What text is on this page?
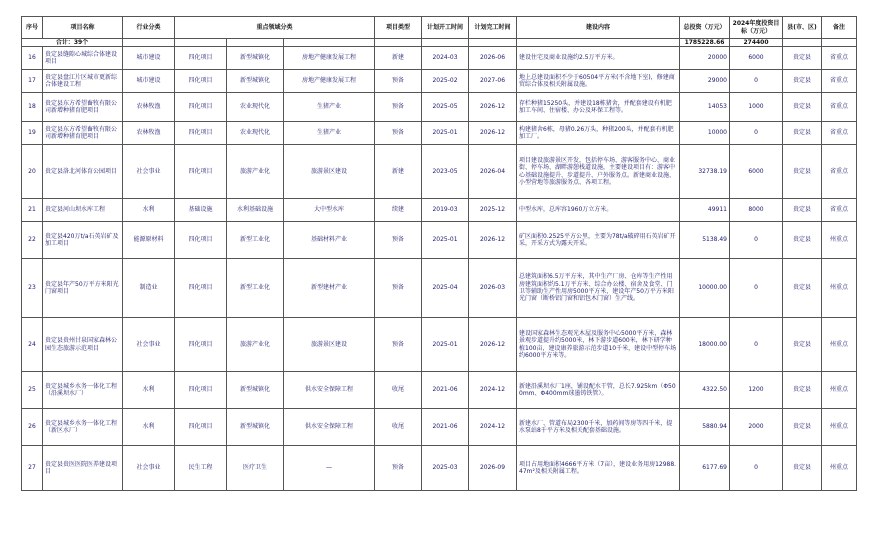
序号	项目名称	行业分类	重点领域分类			项目类型	计划开工时间	计划完工时间	建设内容	总投资（万元）	2024年度投资目标（万元）	县(市、区)	备注
合计：39个										1785228.66	274400		
16	贵定县缝隙心城综合体建设项目	城市建设	四化项目	新型城镇化	房地产健康发展工程	新建	2024-03	2026-06	建设住宅及商业设施约2.5万平方米。	20000	6000	贵定县	省重点
17	贵定县盘江片区城市更新综合体建设工程	城市建设	四化项目	新型城镇化	房地产健康发展工程	预备	2025-02	2027-06	地上总建设面积不少于60504平方米(不含地下室)，修建商贸综合体及相关附属设施。	29000	0	贵定县	省重点
18	贵定县东方希望畜牧有限公司新增种猪育肥项目	农林牧渔	四化项目	农业现代化	生猪产业	预备	2025-05	2026-12	存栏种猪15250头，并建设18栋猪舍，并配套建设有机肥加工车间、住宿楼、办公及环保工程等。	14053	1000	贵定县	省重点
19	贵定县东方希望畜牧有限公司新增种猪育肥项目	农林牧渔	四化项目	农业现代化	生猪产业	预备	2025-01	2026-12	构建猪舍6栋，母猪0.26万头，种猪200头，并配套有机肥加工厂。	10000	0	贵定县	省重点
20	贵定县洛北河体育公园项目	社会事业	四化项目	旅游产业化	旅游景区建设	新建	2023-05	2026-04	项目建设旅游景区开发，包括停车场、游客服务中心、商业街、停车场、湖畔游憩栈道设施，主要建设项目有：游客中心基础设施提升、步道提升、户外服务点。新建商业设施、小型营地等旅游服务点、各项工程。	32738.19	6000	贵定县	省重点
21	贵定县河山坝水库工程	水利	基础设施	水利基础设施	大中型水库	续建	2019-03	2025-12	中型水库，总库容1960万立方米。	49911	8000	贵定县	省重点
22	贵定县420万t/a石英岩矿及加工项目	能源原材料	四化项目	新型工业化	基础材料产业	预备	2025-01	2026-12	矿区面积0.2525平方公里，主要为78t/a破碎用石英岩矿开采，开采方式为露天开采。	5138.49	0	贵定县	州重点
23	贵定县年产50万平方米阳光门窗项目	制造业	四化项目	新型工业化	新型建材产业	预备	2025-04	2026-03	总建筑面积6.5万平方米，其中生产厂房、仓库等生产性用房建筑面积约5.1万平方米、综合办公楼、宿舍及食堂、门卫等辅助生产性用房5000平方米，建设年产50万平方米阳光门窗（断桥铝门窗和铝包木门窗）生产线。	10000.00	0	贵定县	州重点
24	贵定县贵州甘泉国家森林公园生态旅游示范项目	社会事业	四化项目	旅游产业化	旅游景区建设	预备	2025-01	2026-12	建设国家森林生态观光木屋及服务中心5000平方米，森林景观步道提升约5000米，林下游步道600米，林下研学种植100亩，建设康养旅游示范步道10千米，建设中型停车场约6000平方米等。	18000.00	0	贵定县	州重点
25	贵定县城乡水务一体化工程（沿溪坝水厂）	水利	四化项目	新型城镇化	供水安全保障工程	收尾	2021-06	2024-12	新建沿溪坝水厂1座，铺设配水干管，总长7.925km（Φ500mm、Φ400mm球墨铸铁管）。	4322.50	1200	贵定县	州重点
26	贵定县城乡水务一体化工程（新区水厂）	水利	四化项目	新型城镇化	供水安全保障工程	收尾	2021-06	2024-12	新建水厂、管道布局2300千米，加药间等房等四千米，提水泵站8千平方米及相关配套基础设施。	5880.94	2000	贵定县	州重点
27	贵定县贵医医院医养建设项目	社会事业	民生工程	医疗卫生	—	预备	2025-03	2026-09	项目占用地面积4666平方米（7亩），建设业务用房12988.47m²及相关附属工程。	6177.69	0	贵定县	州重点
